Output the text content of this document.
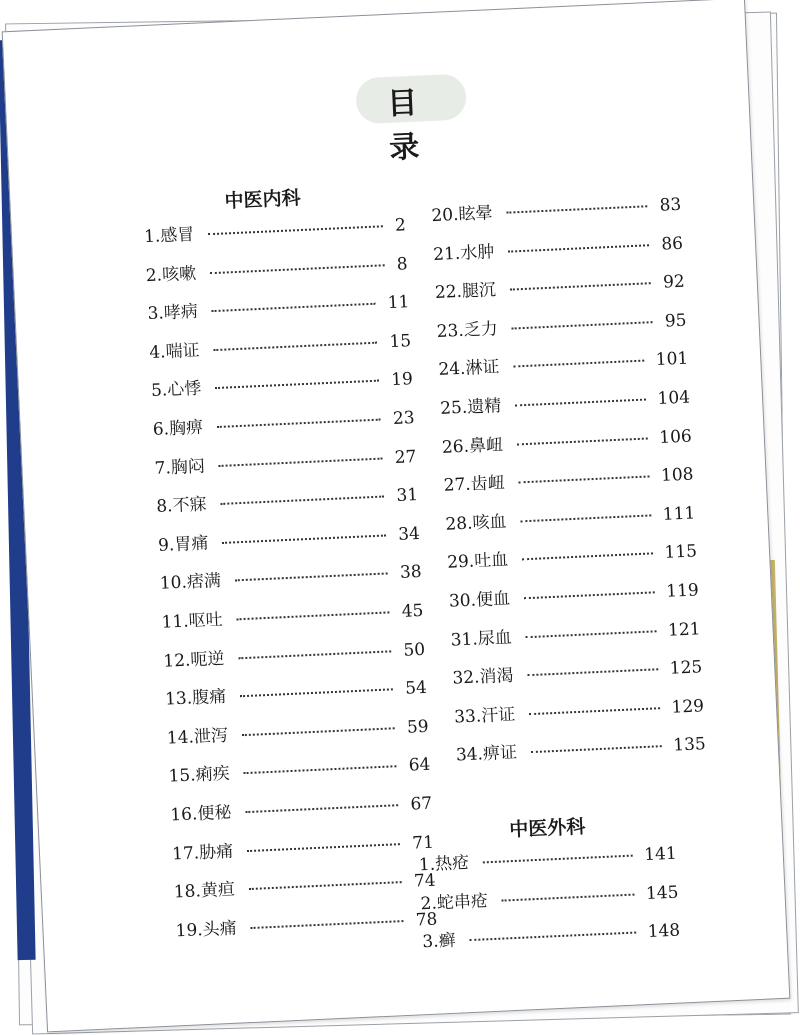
目 录
中医内科
1.感冒	2
2.咳嗽	8
3.哮病	11
4.喘证	15
5.心悸	19
6.胸痹	23
7.胸闷	27
8.不寐	31
9.胃痛	34
10.痞满	38
11.呕吐	45
12.呃逆	50
13.腹痛	54
14.泄泻	59
15.痢疾	64
16.便秘	67
17.胁痛	71
18.黄疸	74
19.头痛	78
20.眩晕	83
21.水肿	86
22.腿沉	92
23.乏力	95
24.淋证	101
25.遗精	104
26.鼻衄	106
27.齿衄	108
28.咳血	111
29.吐血	115
30.便血	119
31.尿血	121
32.消渴	125
33.汗证	129
34.痹证	135
中医外科
1.热疮	141
2.蛇串疮	145
3.癣	148
